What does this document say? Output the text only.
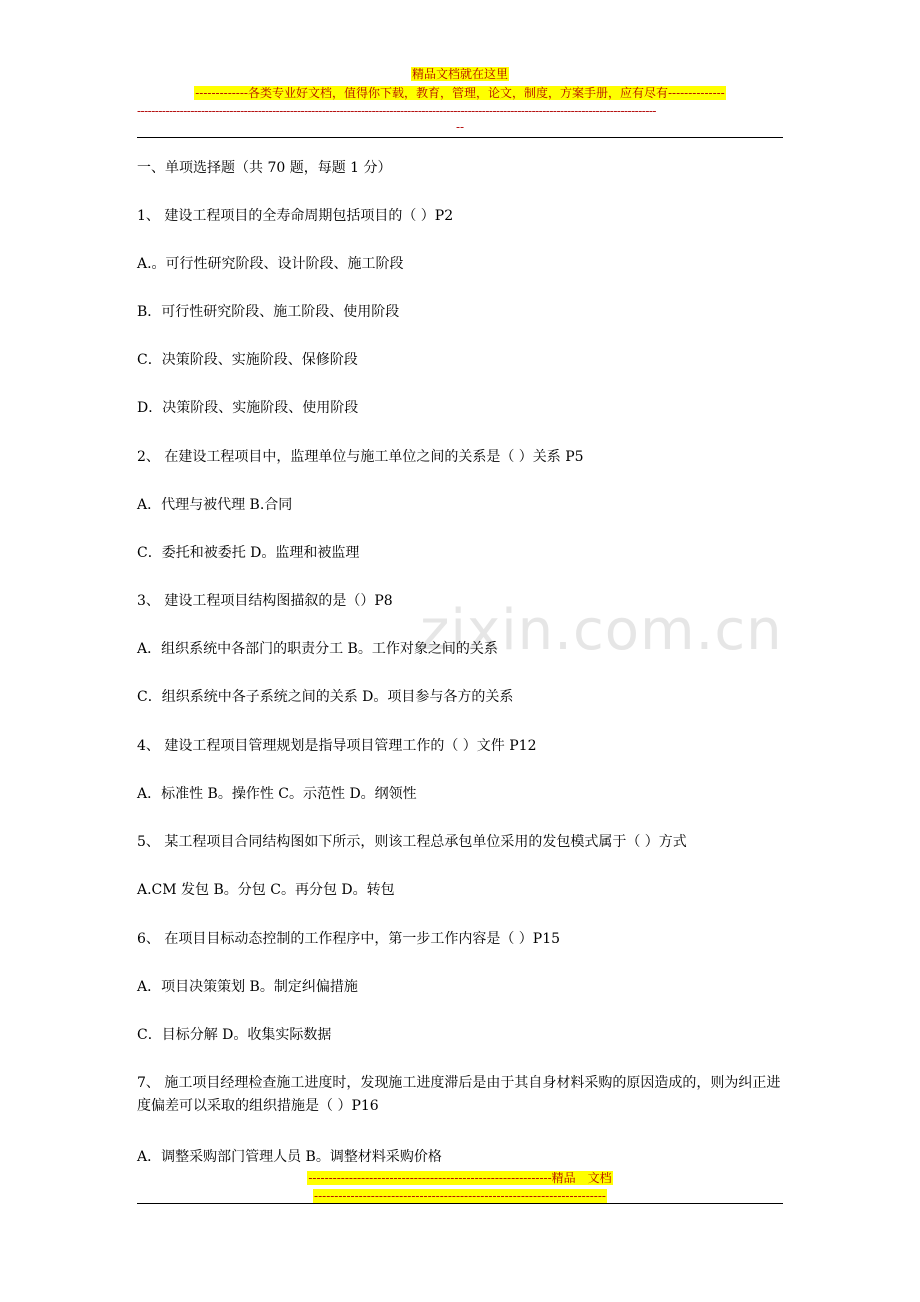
zixin.com.cn
精品文档就在这里
-------------各类专业好文档，值得你下载，教育，管理，论文，制度，方案手册，应有尽有--------------
--------------------------------------------------------------------------------------------------------------------------------------------------
--
一、单项选择题（共 70 题，每题 1 分）
1、 建设工程项目的全寿命周期包括项目的（ ）P2
A.。可行性研究阶段、设计阶段、施工阶段
B．可行性研究阶段、施工阶段、使用阶段
C．决策阶段、实施阶段、保修阶段
D．决策阶段、实施阶段、使用阶段
2、 在建设工程项目中，监理单位与施工单位之间的关系是（ ）关系 P5
A．代理与被代理 B.合同
C．委托和被委托 D。监理和被监理
3、 建设工程项目结构图描叙的是（）P8
A．组织系统中各部门的职责分工 B。工作对象之间的关系
C．组织系统中各子系统之间的关系 D。项目参与各方的关系
4、 建设工程项目管理规划是指导项目管理工作的（ ）文件 P12
A．标准性 B。操作性 C。示范性 D。纲领性
5、 某工程项目合同结构图如下所示，则该工程总承包单位采用的发包模式属于（ ）方式
A.CM 发包 B。分包 C。再分包 D。转包
6、 在项目目标动态控制的工作程序中，第一步工作内容是（ ）P15
A．项目决策策划 B。制定纠偏措施
C．目标分解 D。收集实际数据
7、 施工项目经理检查施工进度时，发现施工进度滞后是由于其自身材料采购的原因造成的，则为纠正进度偏差可以采取的组织措施是（ ）P16
A．调整采购部门管理人员 B。调整材料采购价格
------------------------------------------------------------精品　文档
------------------------------------------------------------------------
